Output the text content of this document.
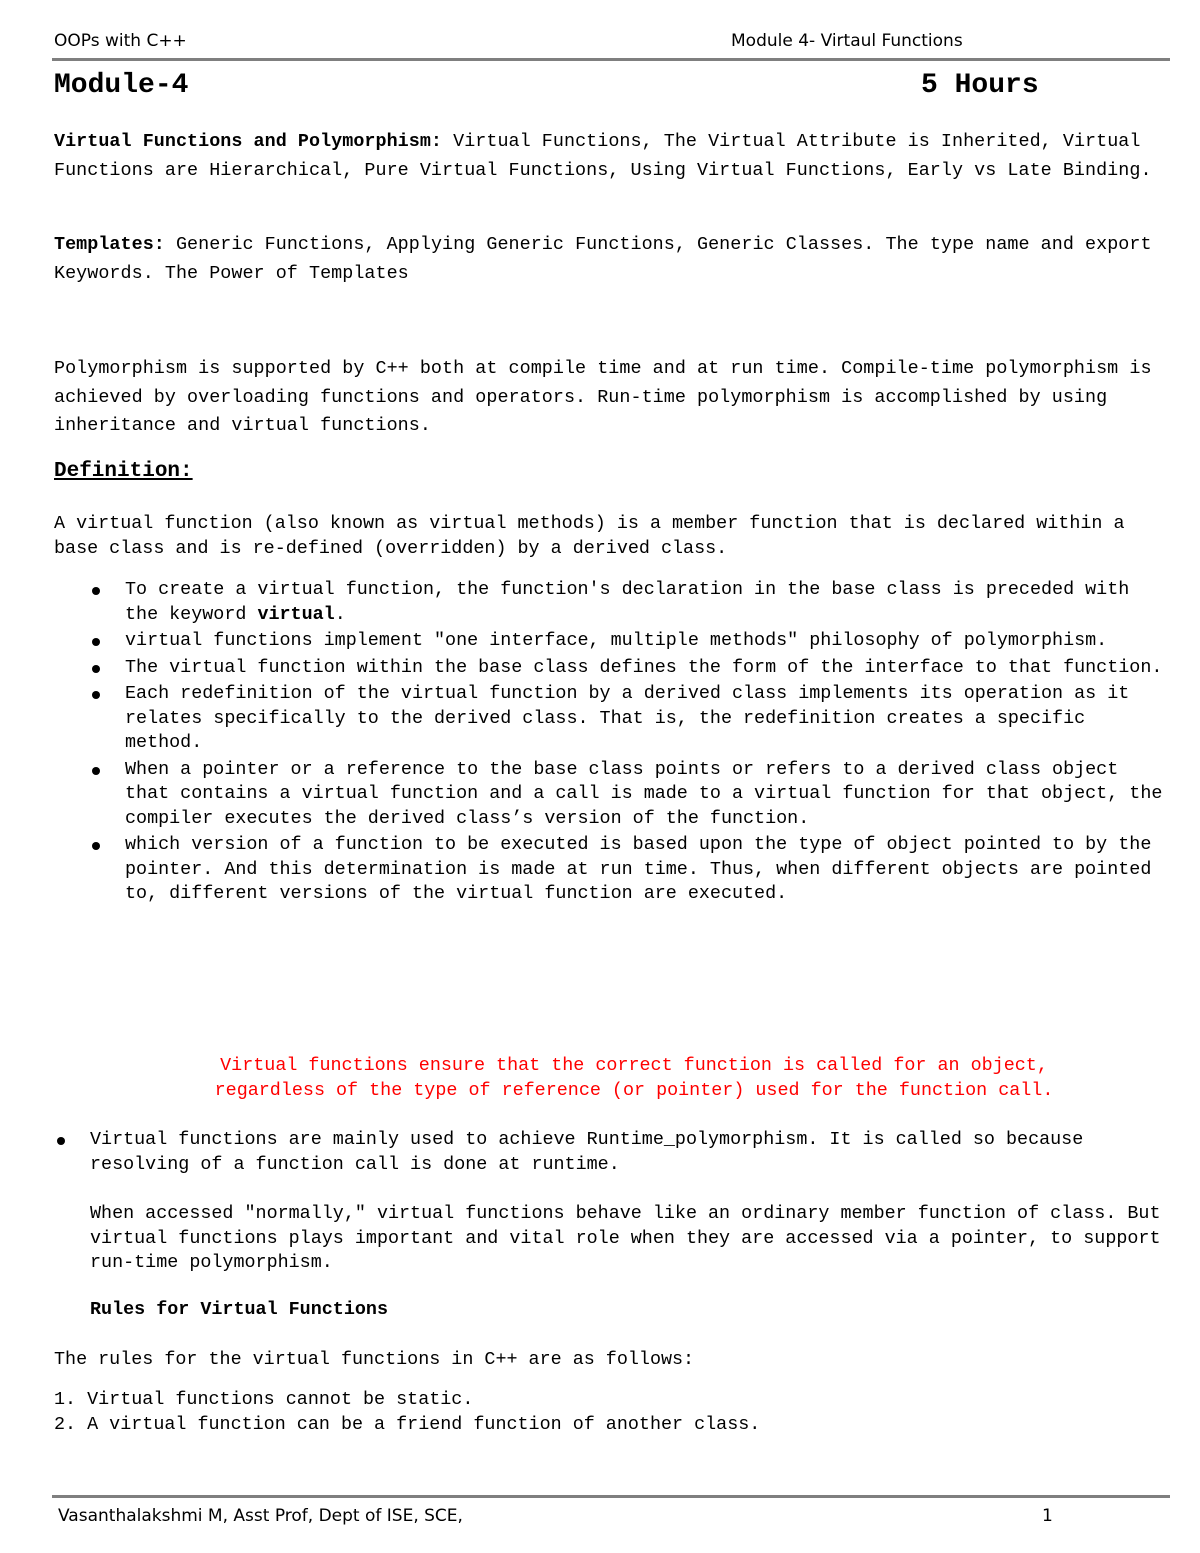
OOPs with C++	Module 4- Virtaul Functions
Module-4	5 Hours
Virtual Functions and Polymorphism: Virtual Functions, The Virtual Attribute is Inherited, Virtual Functions are Hierarchical, Pure Virtual Functions, Using Virtual Functions, Early vs Late Binding.
Templates: Generic Functions, Applying Generic Functions, Generic Classes. The type name and export Keywords. The Power of Templates
Polymorphism is supported by C++ both at compile time and at run time. Compile-time polymorphism is achieved by overloading functions and operators. Run-time polymorphism is accomplished by using inheritance and virtual functions.
Definition:
A virtual function (also known as virtual methods) is a member function that is declared within a base class and is re-defined (overridden) by a derived class.
To create a virtual function, the function's declaration in the base class is preceded with the keyword virtual.
virtual functions implement "one interface, multiple methods" philosophy of polymorphism.
The virtual function within the base class defines the form of the interface to that function.
Each redefinition of the virtual function by a derived class implements its operation as it relates specifically to the derived class. That is, the redefinition creates a specific method.
When a pointer or a reference to the base class points or refers to a derived class object that contains a virtual function and a call is made to a virtual function for that object, the compiler executes the derived class’s version of the function.
which version of a function to be executed is based upon the type of object pointed to by the pointer. And this determination is made at run time. Thus, when different objects are pointed to, different versions of the virtual function are executed.
Virtual functions ensure that the correct function is called for an object,
regardless of the type of reference (or pointer) used for the function call.
Virtual functions are mainly used to achieve Runtime_polymorphism. It is called so because resolving of a function call is done at runtime.
When accessed "normally," virtual functions behave like an ordinary member function of class. But virtual functions plays important and vital role when they are accessed via a pointer, to support run-time polymorphism.
Rules for Virtual Functions
The rules for the virtual functions in C++ are as follows:
1. Virtual functions cannot be static.
2. A virtual function can be a friend function of another class.
Vasanthalakshmi M, Asst Prof, Dept of ISE, SCE,	1
